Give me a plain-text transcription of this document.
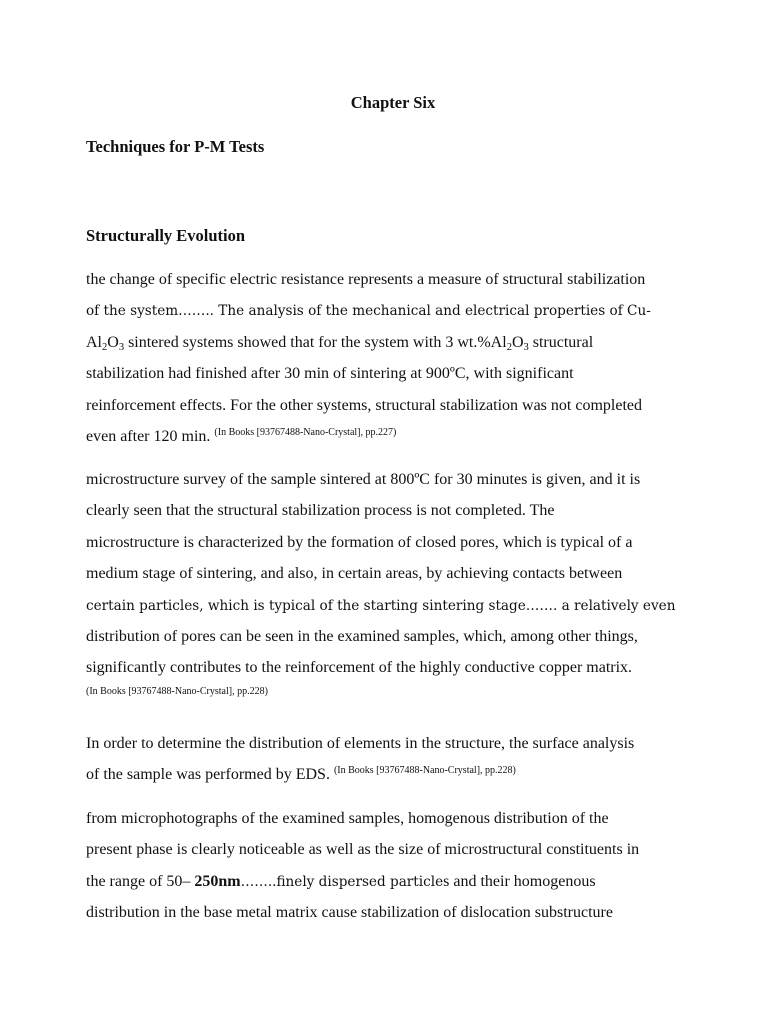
Chapter Six
Techniques for P-M Tests
Structurally Evolution
the change of specific electric resistance represents a measure of structural stabilization
of the system…….. The analysis of the mechanical and electrical properties of Cu-
$Al_2O_3$ sintered systems showed that for the system with 3 $wt.\%Al_2O_3$ structural
stabilization had finished after 30 min of sintering at 900ºC, with significant
reinforcement effects. For the other systems, structural stabilization was not completed
even after 120 min. $^{(In Books [93767488-Nano-Crystal], pp.227)}$
microstructure survey of the sample sintered at 800ºC for 30 minutes is given, and it is
clearly seen that the structural stabilization process is not completed. The
microstructure is characterized by the formation of closed pores, which is typical of a
medium stage of sintering, and also, in certain areas, by achieving contacts between
certain particles, which is typical of the starting sintering stage……. a relatively even
distribution of pores can be seen in the examined samples, which, among other things,
significantly contributes to the reinforcement of the highly conductive copper matrix.
(In Books [93767488-Nano-Crystal], pp.228)
In order to determine the distribution of elements in the structure, the surface analysis
of the sample was performed by EDS. $^{(In Books [93767488-Nano-Crystal], pp.228)}$
from microphotographs of the examined samples, homogenous distribution of the
present phase is clearly noticeable as well as the size of microstructural constituents in
the range of 50– 250nm……..finely dispersed particles and their homogenous
distribution in the base metal matrix cause stabilization of dislocation substructure
